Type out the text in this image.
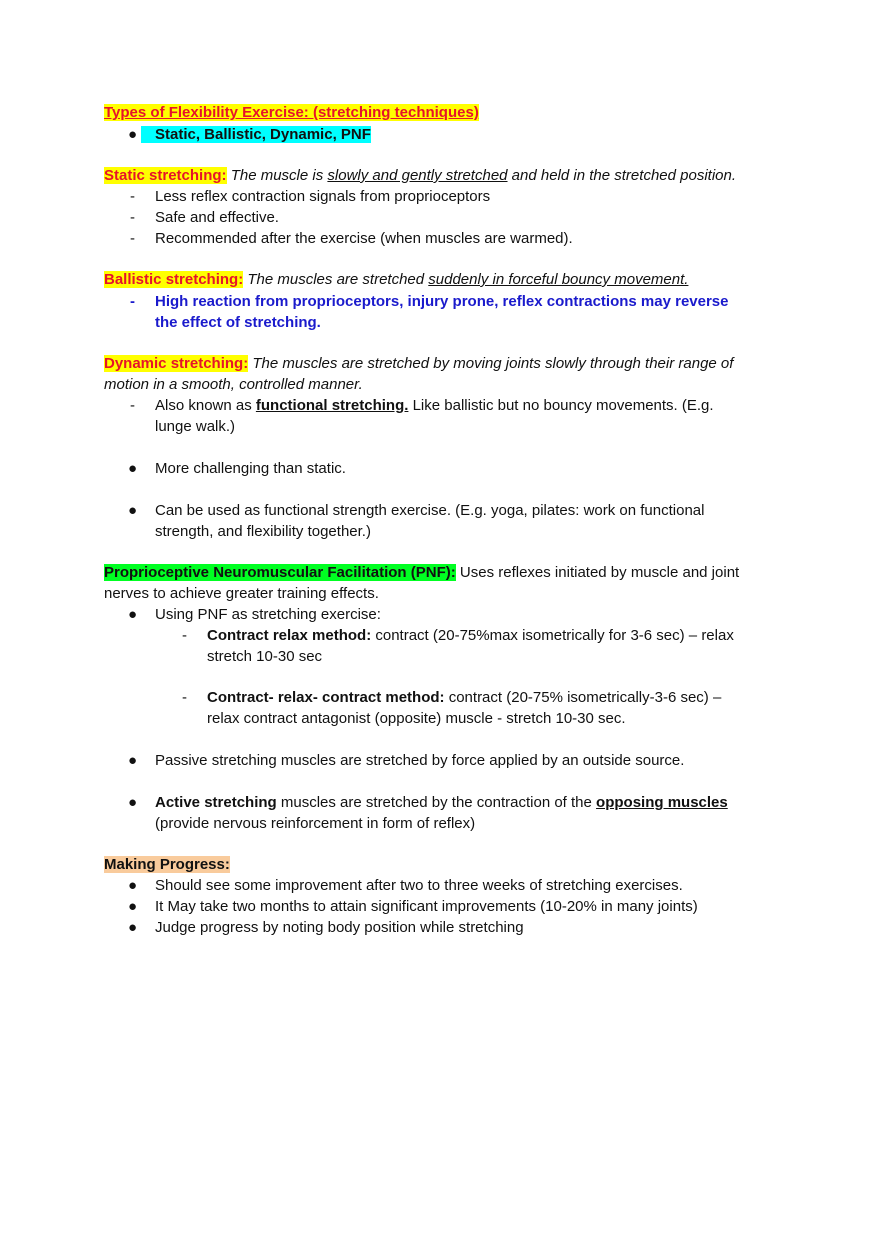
Types of Flexibility Exercise: (stretching techniques)
●	Static, Ballistic, Dynamic, PNF
Static stretching: The muscle is slowly and gently stretched and held in the stretched position.
- Less reflex contraction signals from proprioceptors
- Safe and effective.
- Recommended after the exercise (when muscles are warmed).
Ballistic stretching: The muscles are stretched suddenly in forceful bouncy movement.
- High reaction from proprioceptors, injury prone, reflex contractions may reverse
the effect of stretching.
Dynamic stretching: The muscles are stretched by moving joints slowly through their range of
motion in a smooth, controlled manner.
- Also known as functional stretching. Like ballistic but no bouncy movements. (E.g.
lunge walk.)
● More challenging than static.
● Can be used as functional strength exercise. (E.g. yoga, pilates: work on functional
strength, and flexibility together.)
Proprioceptive Neuromuscular Facilitation (PNF): Uses reflexes initiated by muscle and joint
nerves to achieve greater training effects.
● Using PNF as stretching exercise:
- Contract relax method: contract (20-75%max isometrically for 3-6 sec) – relax
stretch 10-30 sec
- Contract- relax- contract method: contract (20-75% isometrically-3-6 sec) –
relax contract antagonist (opposite) muscle - stretch 10-30 sec.
● Passive stretching muscles are stretched by force applied by an outside source.
● Active stretching muscles are stretched by the contraction of the opposing muscles
(provide nervous reinforcement in form of reflex)
Making Progress:
● Should see some improvement after two to three weeks of stretching exercises.
● It May take two months to attain significant improvements (10-20% in many joints)
● Judge progress by noting body position while stretching
